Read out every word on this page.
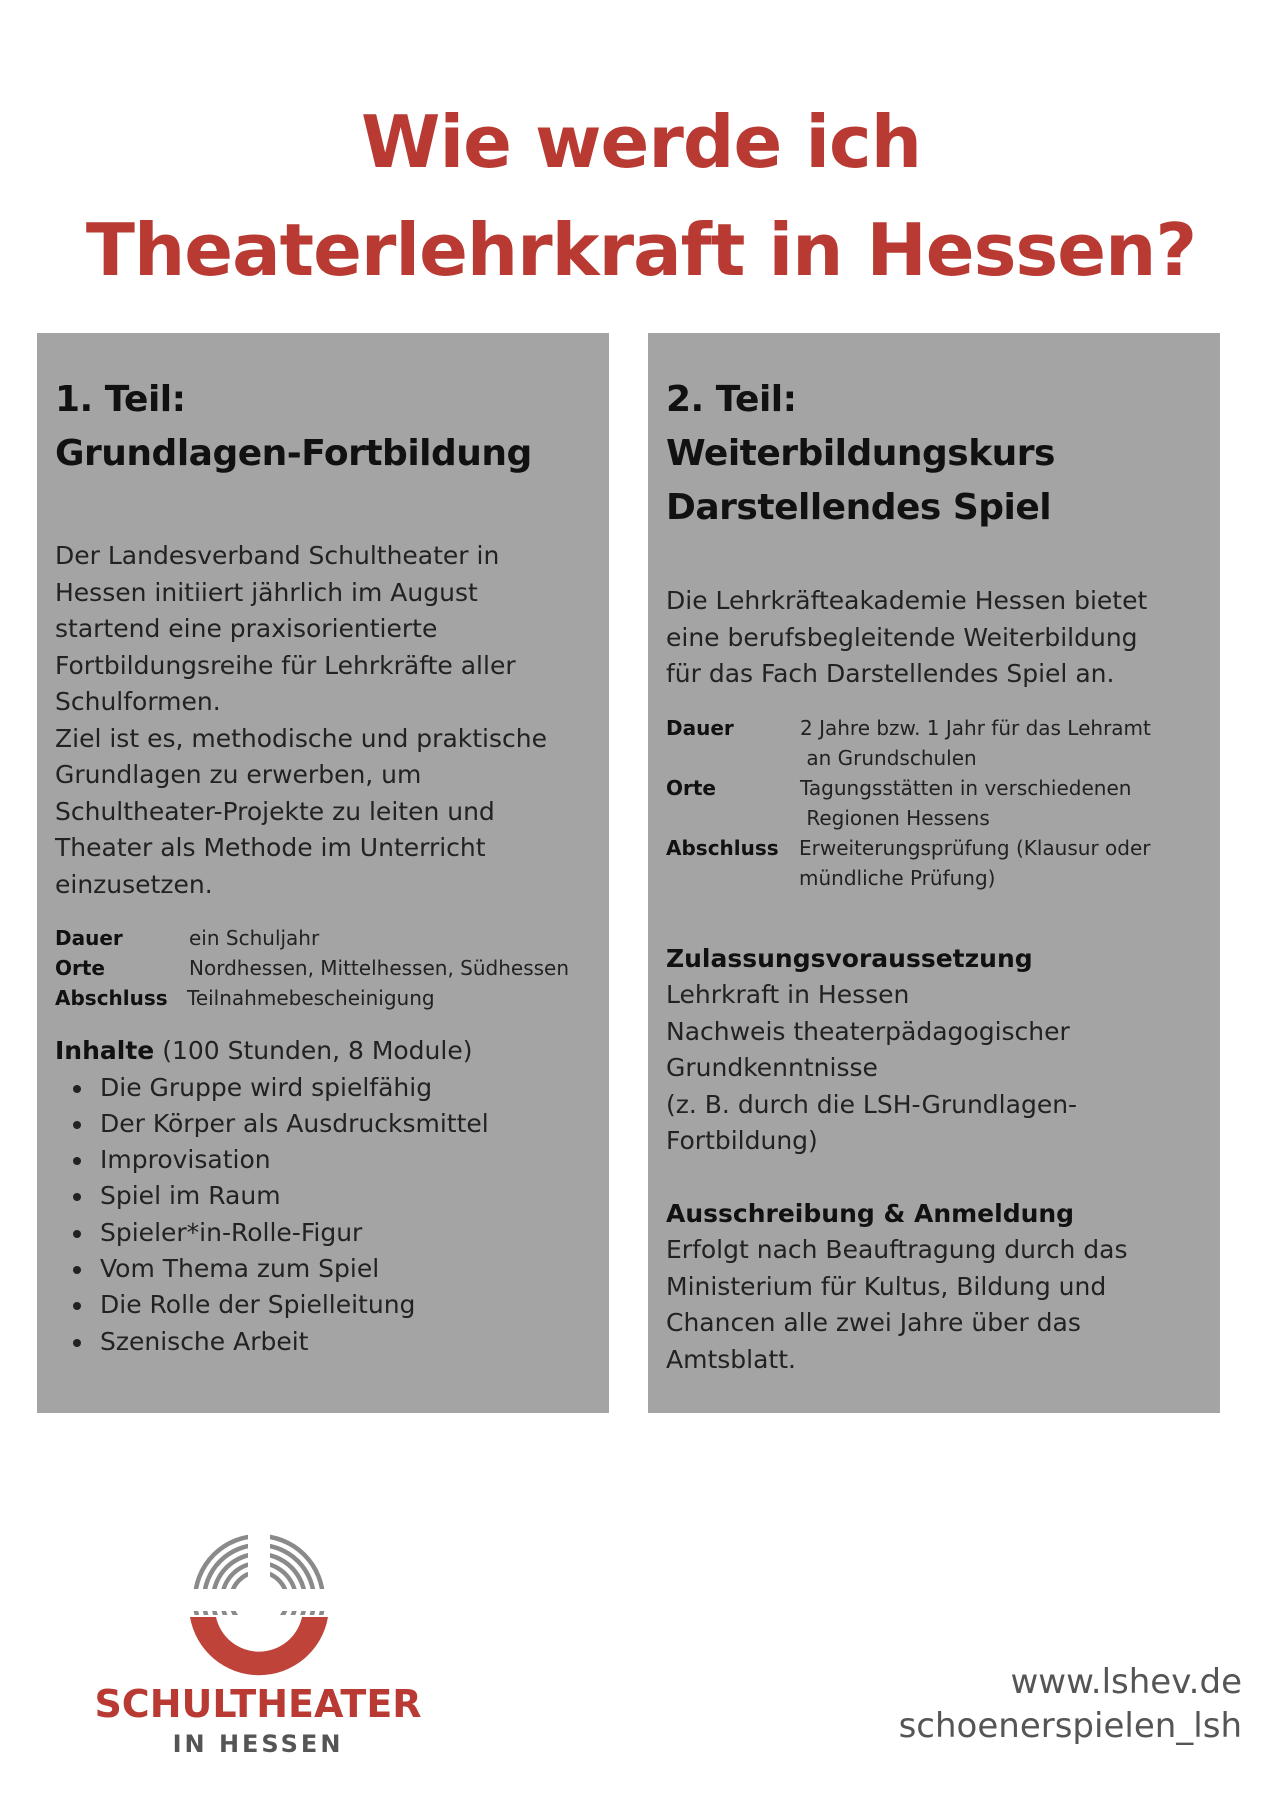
Wie werde ich
Theaterlehrkraft in Hessen?
1. Teil:
Grundlagen-Fortbildung
Der Landesverband Schultheater in
Hessen initiiert jährlich im August
startend eine praxisorientierte
Fortbildungsreihe für Lehrkräfte aller
Schulformen.
Ziel ist es, methodische und praktische
Grundlagen zu erwerben, um
Schultheater-Projekte zu leiten und
Theater als Methode im Unterricht
einzusetzen.
Dauer	ein Schuljahr
Orte	Nordhessen, Mittelhessen, Südhessen
Abschluss Teilnahmebescheinigung
Inhalte (100 Stunden, 8 Module)
Die Gruppe wird spielfähig
Der Körper als Ausdrucksmittel
Improvisation
Spiel im Raum
Spieler*in-Rolle-Figur
Vom Thema zum Spiel
Die Rolle der Spielleitung
Szenische Arbeit
2. Teil:
Weiterbildungskurs
Darstellendes Spiel
Die Lehrkräfteakademie Hessen bietet
eine berufsbegleitende Weiterbildung
für das Fach Darstellendes Spiel an.
Dauer	2 Jahre bzw. 1 Jahr für das Lehramt
an Grundschulen
Orte	Tagungsstätten in verschiedenen
Regionen Hessens
Abschluss	Erweiterungsprüfung (Klausur oder
mündliche Prüfung)
Zulassungsvoraussetzung
Lehrkraft in Hessen
Nachweis theaterpädagogischer
Grundkenntnisse
(z. B. durch die LSH-Grundlagen-
Fortbildung)
Ausschreibung & Anmeldung
Erfolgt nach Beauftragung durch das
Ministerium für Kultus, Bildung und
Chancen alle zwei Jahre über das
Amtsblatt.
SCHULTHEATER
IN HESSEN
www.lshev.de
schoenerspielen_lsh
